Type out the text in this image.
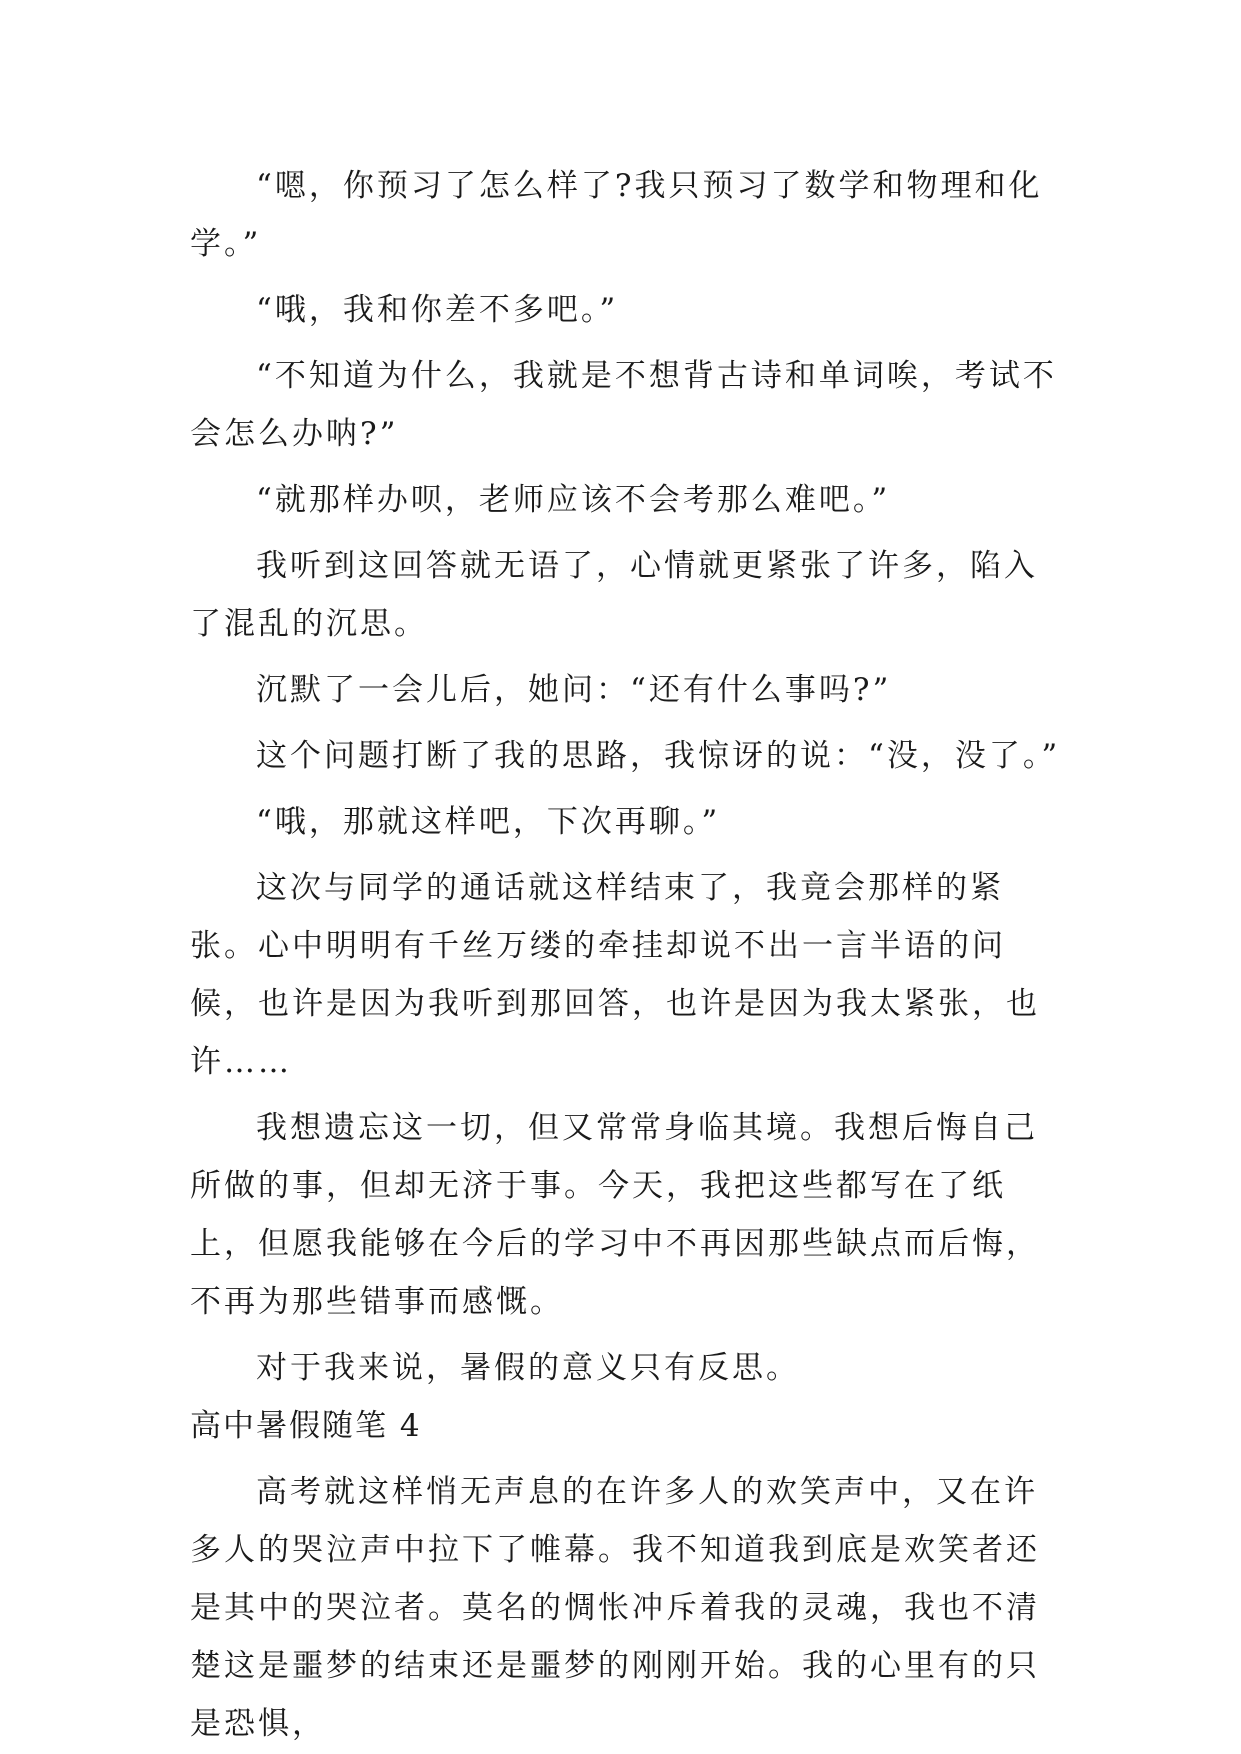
“嗯，你预习了怎么样了?我只预习了数学和物理和化学。”

“哦，我和你差不多吧。”

“不知道为什么，我就是不想背古诗和单词唉，考试不会怎么办呐?”

“就那样办呗，老师应该不会考那么难吧。”

我听到这回答就无语了，心情就更紧张了许多，陷入了混乱的沉思。

沉默了一会儿后，她问：“还有什么事吗?”

这个问题打断了我的思路，我惊讶的说：“没，没了。”

“哦，那就这样吧，下次再聊。”

这次与同学的通话就这样结束了，我竟会那样的紧张。心中明明有千丝万缕的牵挂却说不出一言半语的问候，也许是因为我听到那回答，也许是因为我太紧张，也许……

我想遗忘这一切，但又常常身临其境。我想后悔自己所做的事，但却无济于事。今天，我把这些都写在了纸上，但愿我能够在今后的学习中不再因那些缺点而后悔，不再为那些错事而感慨。

对于我来说，暑假的意义只有反思。

高中暑假随笔 4

高考就这样悄无声息的在许多人的欢笑声中，又在许多人的哭泣声中拉下了帷幕。我不知道我到底是欢笑者还是其中的哭泣者。莫名的惆怅冲斥着我的灵魂，我也不清楚这是噩梦的结束还是噩梦的刚刚开始。我的心里有的只是恐惧，
